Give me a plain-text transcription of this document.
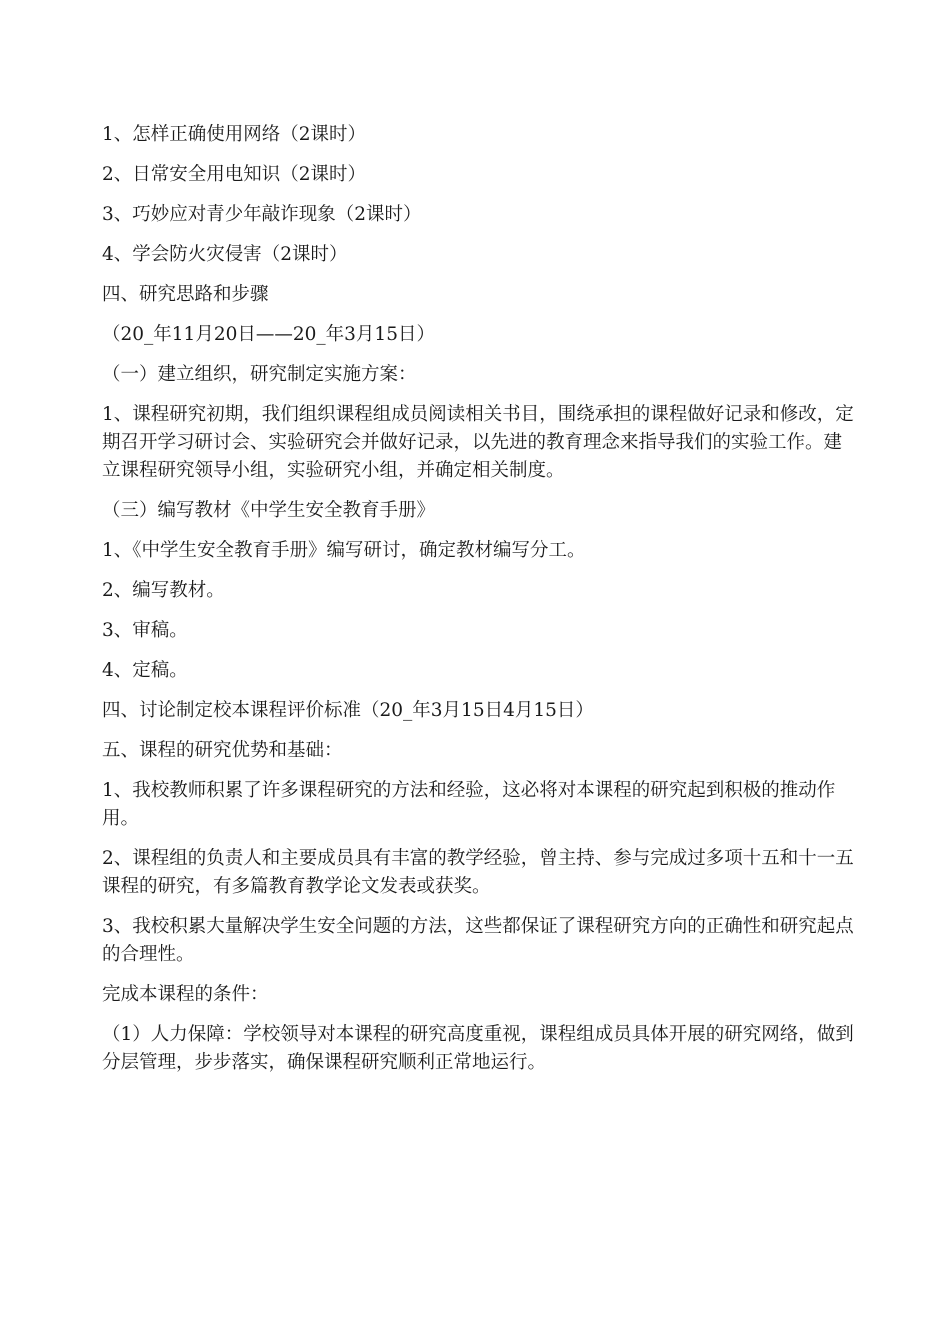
1、怎样正确使用网络（2课时）

2、日常安全用电知识（2课时）

3、巧妙应对青少年敲诈现象（2课时）

4、学会防火灾侵害（2课时）

四、研究思路和步骤

（20_年11月20日——20_年3月15日）

（一）建立组织，研究制定实施方案：

1、课程研究初期，我们组织课程组成员阅读相关书目，围绕承担的课程做好记录和修改，定期召开学习研讨会、实验研究会并做好记录，以先进的教育理念来指导我们的实验工作。建立课程研究领导小组，实验研究小组，并确定相关制度。

（三）编写教材《中学生安全教育手册》

1、《中学生安全教育手册》编写研讨，确定教材编写分工。

2、编写教材。

3、审稿。

4、定稿。

四、讨论制定校本课程评价标准（20_年3月15日4月15日）

五、课程的研究优势和基础：

1、我校教师积累了许多课程研究的方法和经验，这必将对本课程的研究起到积极的推动作用。

2、课程组的负责人和主要成员具有丰富的教学经验，曾主持、参与完成过多项十五和十一五课程的研究，有多篇教育教学论文发表或获奖。

3、我校积累大量解决学生安全问题的方法，这些都保证了课程研究方向的正确性和研究起点的合理性。

完成本课程的条件：

（1）人力保障：学校领导对本课程的研究高度重视，课程组成员具体开展的研究网络，做到分层管理，步步落实，确保课程研究顺利正常地运行。
